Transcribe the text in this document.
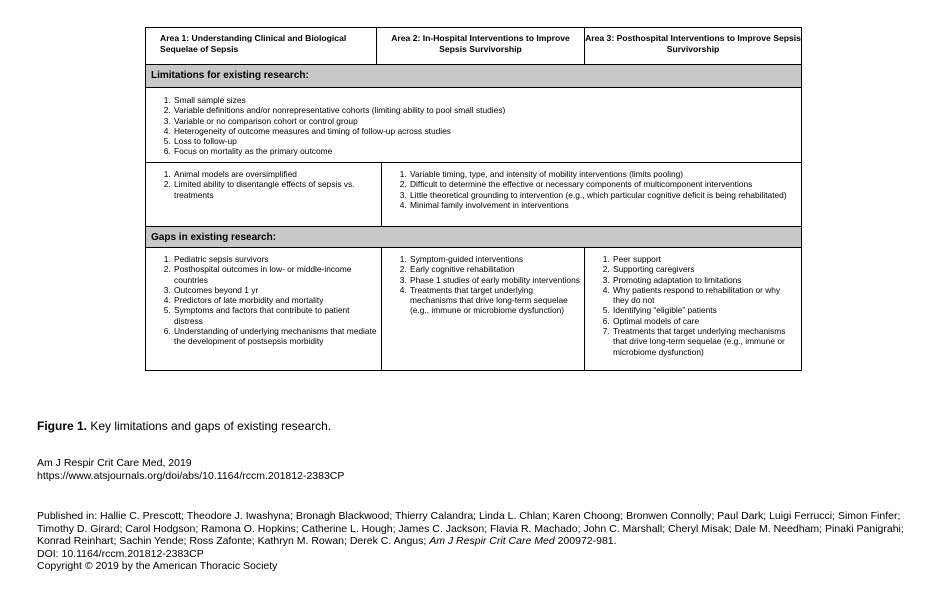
Area 1: Understanding Clinical and Biological Sequelae of Sepsis
Area 2: In-Hospital Interventions to Improve Sepsis Survivorship
Area 3: Posthospital Interventions to Improve Sepsis Survivorship
Limitations for existing research:
1. Small sample sizes
2. Variable definitions and/or nonrepresentative cohorts (limiting ability to pool small studies)
3. Variable or no comparison cohort or control group
4. Heterogeneity of outcome measures and timing of follow-up across studies
5. Loss to follow-up
6. Focus on mortality as the primary outcome
1. Animal models are oversimplified
2. Limited ability to disentangle effects of sepsis vs. treatments
1. Variable timing, type, and intensity of mobility interventions (limits pooling)
2. Difficult to determine the effective or necessary components of multicomponent interventions
3. Little theoretical grounding to intervention (e.g., which particular cognitive deficit is being rehabilitated)
4. Minimal family involvement in interventions
Gaps in existing research:
1. Pediatric sepsis survivors
2. Posthospital outcomes in low- or middle-income countries
3. Outcomes beyond 1 yr
4. Predictors of late morbidity and mortality
5. Symptoms and factors that contribute to patient distress
6. Understanding of underlying mechanisms that mediate the development of postsepsis morbidity
1. Symptom-guided interventions
2. Early cognitive rehabilitation
3. Phase 1 studies of early mobility interventions
4. Treatments that target underlying mechanisms that drive long-term sequelae (e.g., immune or microbiome dysfunction)
1. Peer support
2. Supporting caregivers
3. Promoting adaptation to limitations
4. Why patients respond to rehabilitation or why they do not
5. Identifying “eligible” patients
6. Optimal models of care
7. Treatments that target underlying mechanisms that drive long-term sequelae (e.g., immune or microbiome dysfunction)
Figure 1. Key limitations and gaps of existing research.
Am J Respir Crit Care Med, 2019
https://www.atsjournals.org/doi/abs/10.1164/rccm.201812-2383CP
Published in: Hallie C. Prescott; Theodore J. Iwashyna; Bronagh Blackwood; Thierry Calandra; Linda L. Chlan; Karen Choong; Bronwen Connolly; Paul Dark; Luigi Ferrucci; Simon Finfer; Timothy D. Girard; Carol Hodgson; Ramona O. Hopkins; Catherine L. Hough; James C. Jackson; Flavia R. Machado; John C. Marshall; Cheryl Misak; Dale M. Needham; Pinaki Panigrahi; Konrad Reinhart; Sachin Yende; Ross Zafonte; Kathryn M. Rowan; Derek C. Angus; Am J Respir Crit Care Med 200972-981.
DOI: 10.1164/rccm.201812-2383CP
Copyright © 2019 by the American Thoracic Society
